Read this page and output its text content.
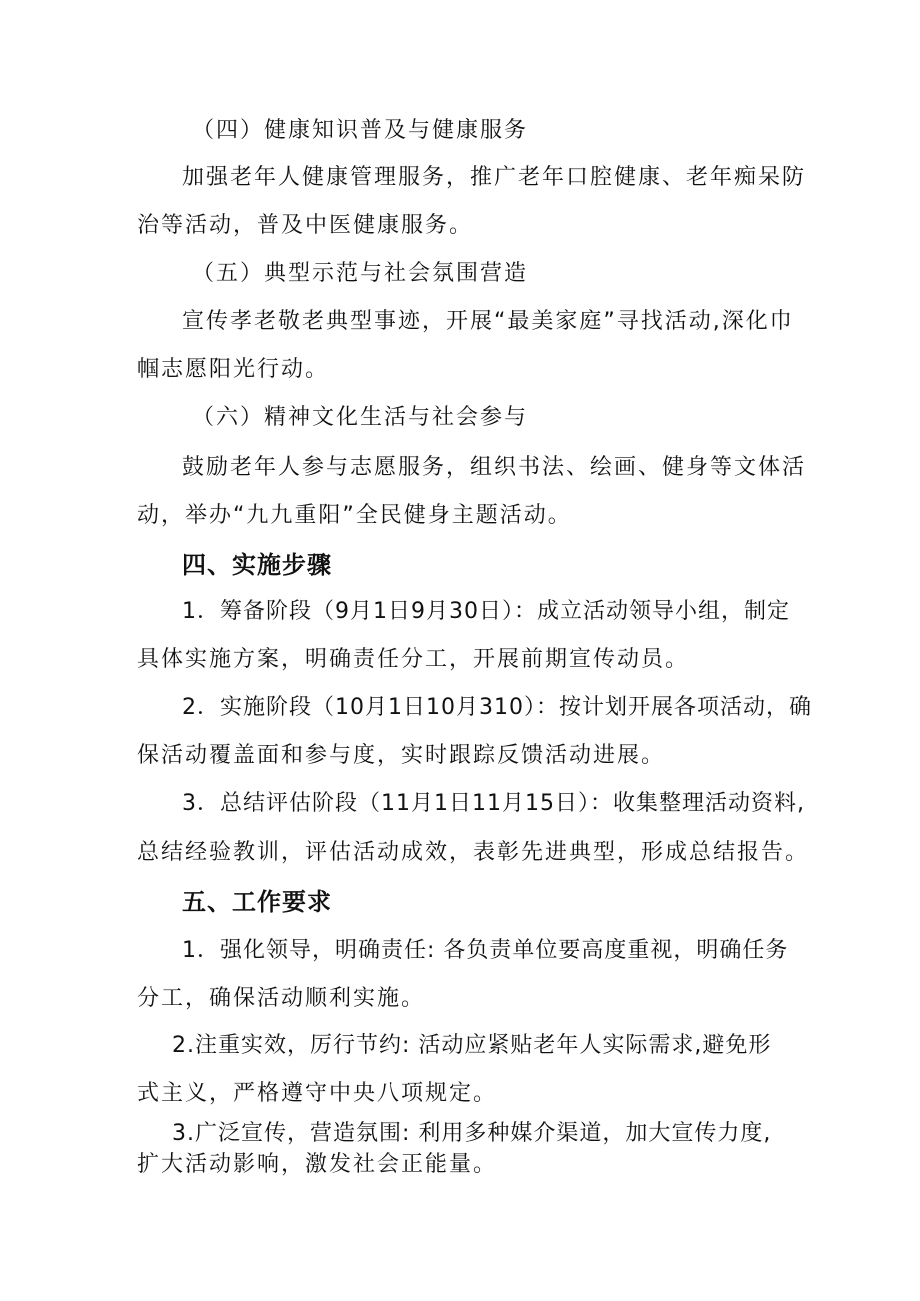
（四）健康知识普及与健康服务
加强老年人健康管理服务，推广老年口腔健康、老年痴呆防
治等活动，普及中医健康服务。
（五）典型示范与社会氛围营造
宣传孝老敬老典型事迹，开展“最美家庭”寻找活动,深化巾
帼志愿阳光行动。
（六）精神文化生活与社会参与
鼓励老年人参与志愿服务，组织书法、绘画、健身等文体活
动，举办“九九重阳”全民健身主题活动。
四、实施步骤
1．筹备阶段（9月1日9月30日）：成立活动领导小组，制定
具体实施方案，明确责任分工，开展前期宣传动员。
2．实施阶段（10月1日10月310）：按计划开展各项活动，确
保活动覆盖面和参与度，实时跟踪反馈活动进展。
3．总结评估阶段（11月1日11月15日）：收集整理活动资料,
总结经验教训，评估活动成效，表彰先进典型，形成总结报告。
五、工作要求
1．强化领导，明确责任: 各负责单位要高度重视，明确任务
分工，确保活动顺利实施。
2.注重实效，厉行节约: 活动应紧贴老年人实际需求,避免形
式主义，严格遵守中央八项规定。
3.广泛宣传，营造氛围: 利用多种媒介渠道，加大宣传力度,
扩大活动影响，激发社会正能量。
